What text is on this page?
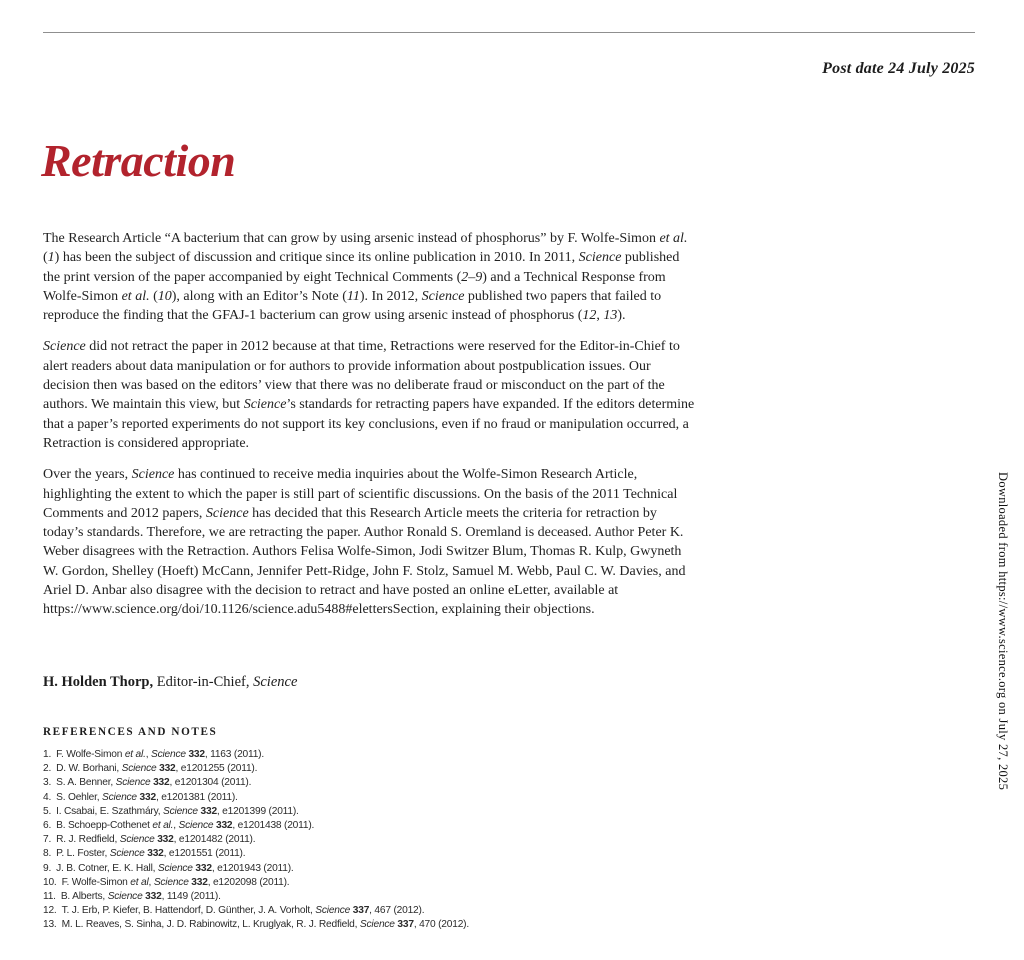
Post date 24 July 2025
Retraction

The Research Article “A bacterium that can grow by using arsenic instead of phosphorus” by F. Wolfe-Simon et al. (1) has been the subject of discussion and critique since its online publication in 2010. In 2011, Science published the print version of the paper accompanied by eight Technical Comments (2–9) and a Technical Response from Wolfe-Simon et al. (10), along with an Editor’s Note (11). In 2012, Science published two papers that failed to reproduce the finding that the GFAJ-1 bacterium can grow using arsenic instead of phosphorus (12, 13).

Science did not retract the paper in 2012 because at that time, Retractions were reserved for the Editor-in-Chief to alert readers about data manipulation or for authors to provide information about postpublication issues. Our decision then was based on the editors’ view that there was no deliberate fraud or misconduct on the part of the authors. We maintain this view, but Science’s standards for retracting papers have expanded. If the editors determine that a paper’s reported experiments do not support its key conclusions, even if no fraud or manipulation occurred, a Retraction is considered appropriate.

Over the years, Science has continued to receive media inquiries about the Wolfe-Simon Research Article, highlighting the extent to which the paper is still part of scientific discussions. On the basis of the 2011 Technical Comments and 2012 papers, Science has decided that this Research Article meets the criteria for retraction by today’s standards. Therefore, we are retracting the paper. Author Ronald S. Oremland is deceased. Author Peter K. Weber disagrees with the Retraction. Authors Felisa Wolfe-Simon, Jodi Switzer Blum, Thomas R. Kulp, Gwyneth W. Gordon, Shelley (Hoeft) McCann, Jennifer Pett-Ridge, John F. Stolz, Samuel M. Webb, Paul C. W. Davies, and Ariel D. Anbar also disagree with the decision to retract and have posted an online eLetter, available at https://www.science.org/doi/10.1126/science.adu5488#elettersSection, explaining their objections.

H. Holden Thorp, Editor-in-Chief, Science

REFERENCES AND NOTES
1. F. Wolfe-Simon et al., Science 332, 1163 (2011).
2. D. W. Borhani, Science 332, e1201255 (2011).
3. S. A. Benner, Science 332, e1201304 (2011).
4. S. Oehler, Science 332, e1201381 (2011).
5. I. Csabai, E. Szathmáry, Science 332, e1201399 (2011).
6. B. Schoepp-Cothenet et al., Science 332, e1201438 (2011).
7. R. J. Redfield, Science 332, e1201482 (2011).
8. P. L. Foster, Science 332, e1201551 (2011).
9. J. B. Cotner, E. K. Hall, Science 332, e1201943 (2011).
10. F. Wolfe-Simon et al, Science 332, e1202098 (2011).
11. B. Alberts, Science 332, 1149 (2011).
12. T. J. Erb, P. Kiefer, B. Hattendorf, D. Günther, J. A. Vorholt, Science 337, 467 (2012).
13. M. L. Reaves, S. Sinha, J. D. Rabinowitz, L. Kruglyak, R. J. Redfield, Science 337, 470 (2012).
Downloaded from https://www.science.org on July 27, 2025
